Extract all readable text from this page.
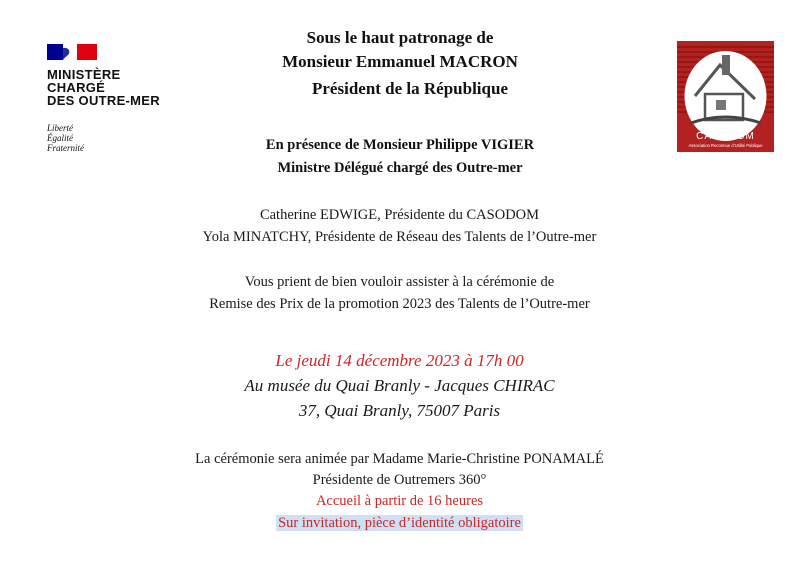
MINISTÈRE
CHARGÉ
DES OUTRE-MER
Liberté
Égalité
Fraternité
Sous le haut patronage de
Monsieur Emmanuel MACRON
Président de la République
En présence de Monsieur Philippe VIGIER
Ministre Délégué chargé des Outre-mer
Catherine EDWIGE, Présidente du CASODOM
Yola MINATCHY, Présidente de Réseau des Talents de l’Outre-mer
Vous prient de bien vouloir assister à la cérémonie de
Remise des Prix de la promotion 2023 des Talents de l’Outre-mer
Le jeudi 14 décembre 2023 à 17h 00
Au musée du Quai Branly - Jacques CHIRAC
37, Quai Branly, 75007 Paris
La cérémonie sera animée par Madame Marie-Christine PONAMALÉ
Présidente de Outremers 360°
Accueil à partir de 16 heures
Sur invitation, pièce d’identité obligatoire
CASODOM
Association Reconnue d’Utilité Publique
